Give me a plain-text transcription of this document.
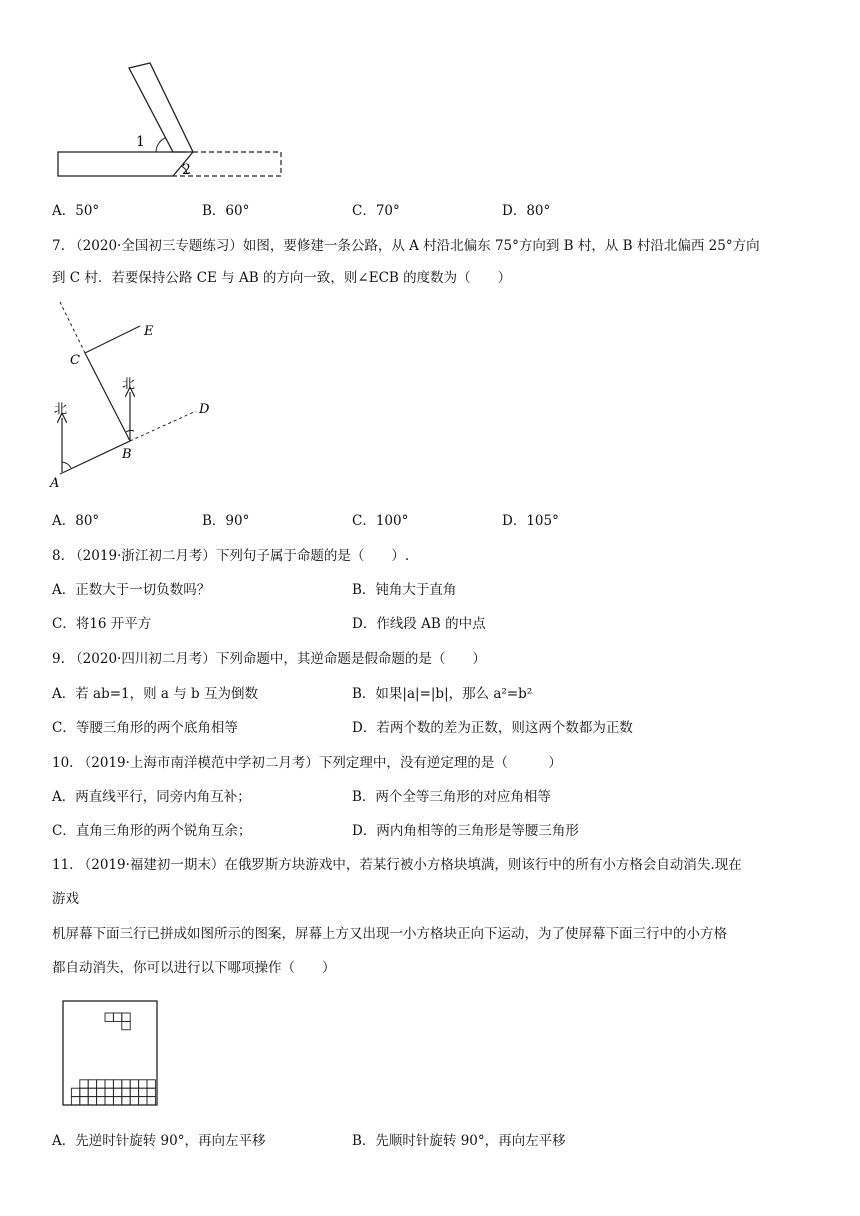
1
2
A．50°	B．60°	C．70°	D．80°
7. （2020·全国初三专题练习）如图，要修建一条公路，从 A 村沿北偏东 75°方向到 B 村，从 B 村沿北偏西 25°方向
到 C 村．若要保持公路 CE 与 AB 的方向一致，则∠ECB 的度数为（　　）
E
C
北
北	D
B
A
A．80°	B．90°	C．100°	D．105°
8. （2019·浙江初二月考）下列句子属于命题的是（　　）.
A．正数大于一切负数吗？	B．钝角大于直角
C．将16 开平方	D．作线段 AB 的中点
9. （2020·四川初二月考）下列命题中，其逆命题是假命题的是（　　）
A．若 ab=1，则 a 与 b 互为倒数	B．如果|a|=|b|，那么 a²=b²
C．等腰三角形的两个底角相等	D．若两个数的差为正数，则这两个数都为正数
10. （2019·上海市南洋模范中学初二月考）下列定理中，没有逆定理的是（　　　）
A．两直线平行，同旁内角互补；	B．两个全等三角形的对应角相等
C．直角三角形的两个锐角互余；	D．两内角相等的三角形是等腰三角形
11. （2019·福建初一期末）在俄罗斯方块游戏中，若某行被小方格块填满，则该行中的所有小方格会自动消失.现在
游戏
机屏幕下面三行已拼成如图所示的图案，屏幕上方又出现一小方格块正向下运动，为了使屏幕下面三行中的小方格
都自动消失，你可以进行以下哪项操作（　　）
A．先逆时针旋转 90°，再向左平移	B．先顺时针旋转 90°，再向左平移
